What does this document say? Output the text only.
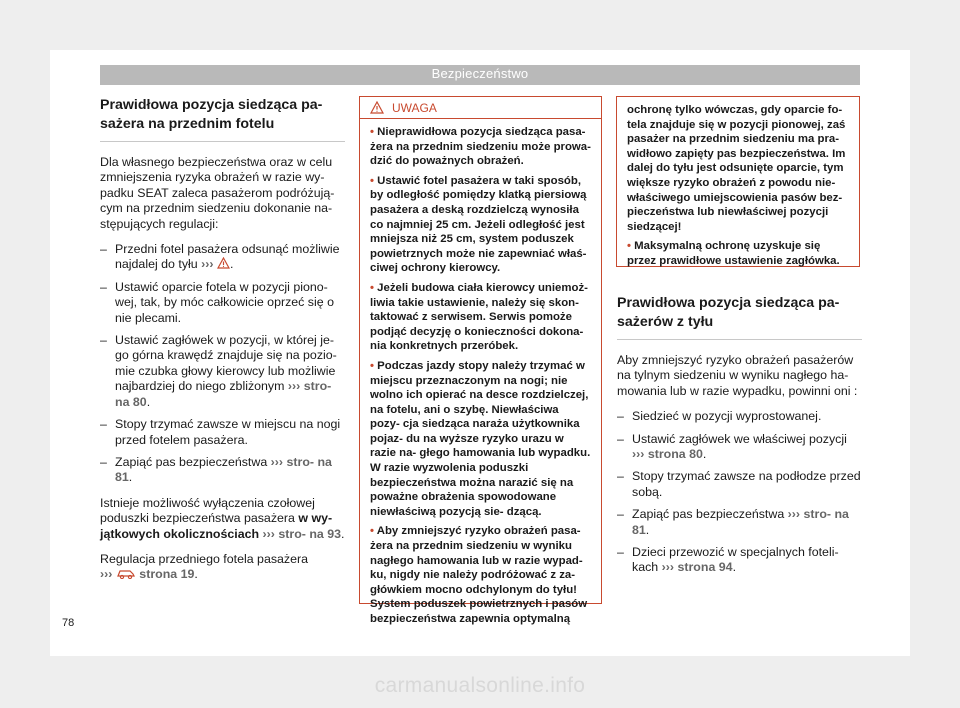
Bezpieczeństwo
Prawidłowa pozycja siedząca pa- sażera na przednim fotelu

Dla własnego bezpieczeństwa oraz w celu zmniejszenia ryzyka obrażeń w razie wy- padku SEAT zaleca pasażerom podróżują- cym na przednim siedzeniu dokonanie na- stępujących regulacji:

– Przedni fotel pasażera odsunąć możliwie najdalej do tyłu ››› .
– Ustawić oparcie fotela w pozycji piono- wej, tak, by móc całkowicie oprzeć się o nie plecami.
– Ustawić zagłówek w pozycji, w której je- go górna krawędź znajduje się na pozio- mie czubka głowy kierowcy lub możliwie najbardziej do niego zbliżonym ››› stro- na 80.
– Stopy trzymać zawsze w miejscu na nogi przed fotelem pasażera.
– Zapiąć pas bezpieczeństwa ››› stro- na 81.

Istnieje możliwość wyłączenia czołowej poduszki bezpieczeństwa pasażera w wy- jątkowych okolicznościach ››› stro- na 93.

Regulacja przedniego fotela pasażera
››› strona 19.

UWAGA
• Nieprawidłowa pozycja siedząca pasa- żera na przednim siedzeniu może prowa- dzić do poważnych obrażeń.
• Ustawić fotel pasażera w taki sposób, by odległość pomiędzy klatką piersiową pasażera a deską rozdzielczą wynosiła co najmniej 25 cm. Jeżeli odległość jest mniejsza niż 25 cm, system poduszek powietrznych może nie zapewniać właś- ciwej ochrony kierowcy.
• Jeżeli budowa ciała kierowcy uniemoż- liwia takie ustawienie, należy się skon- taktować z serwisem. Serwis pomoże podjąć decyzję o konieczności dokona- nia konkretnych przeróbek.
• Podczas jazdy stopy należy trzymać w miejscu przeznaczonym na nogi; nie wolno ich opierać na desce rozdzielczej, na fotelu, ani o szybę. Niewłaściwa pozy- cja siedząca naraża użytkownika pojaz- du na wyższe ryzyko urazu w razie na- głego hamowania lub wypadku. W razie wyzwolenia poduszki bezpieczeństwa można narazić się na poważne obrażenia spowodowane niewłaściwą pozycją sie- dzącą.
• Aby zmniejszyć ryzyko obrażeń pasa- żera na przednim siedzeniu w wyniku nagłego hamowania lub w razie wypad- ku, nigdy nie należy podróżować z za- główkiem mocno odchylonym do tyłu! System poduszek powietrznych i pasów bezpieczeństwa zapewnia optymalną
ochronę tylko wówczas, gdy oparcie fo- tela znajduje się w pozycji pionowej, zaś pasażer na przednim siedzeniu ma pra- widłowo zapięty pas bezpieczeństwa. Im dalej do tyłu jest odsunięte oparcie, tym większe ryzyko obrażeń z powodu nie- właściwego umiejscowienia pasów bez- pieczeństwa lub niewłaściwej pozycji siedzącej!
• Maksymalną ochronę uzyskuje się przez prawidłowe ustawienie zagłówka.
Prawidłowa pozycja siedząca pa- sażerów z tyłu

Aby zmniejszyć ryzyko obrażeń pasażerów na tylnym siedzeniu w wyniku nagłego ha- mowania lub w razie wypadku, powinni oni :

– Siedzieć w pozycji wyprostowanej.
– Ustawić zagłówek we właściwej pozycji ››› strona 80.
– Stopy trzymać zawsze na podłodze przed sobą.
– Zapiąć pas bezpieczeństwa ››› stro- na 81.
– Dzieci przewozić w specjalnych foteli- kach ››› strona 94.
78
carmanualsonline.info
